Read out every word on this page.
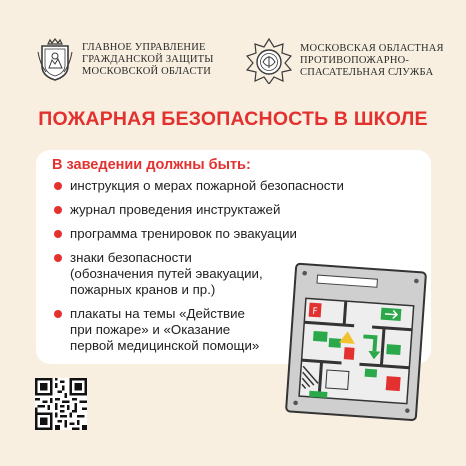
ГЛАВНОЕ УПРАВЛЕНИЕ
ГРАЖДАНСКОЙ ЗАЩИТЫ
МОСКОВСКОЙ ОБЛАСТИ
МОСКОВСКАЯ ОБЛАСТНАЯ
ПРОТИВОПОЖАРНО-
СПАСАТЕЛЬНАЯ СЛУЖБА
ПОЖАРНАЯ БЕЗОПАСНОСТЬ В ШКОЛЕ
В заведении должны быть:
инструкция о мерах пожарной безопасности
журнал проведения инструктажей
программа тренировок по эвакуации
знаки безопасности
(обозначения путей эвакуации,
пожарных кранов и пр.)
плакаты на темы «Действие
при пожаре» и «Оказание
первой медицинской помощи»
F
